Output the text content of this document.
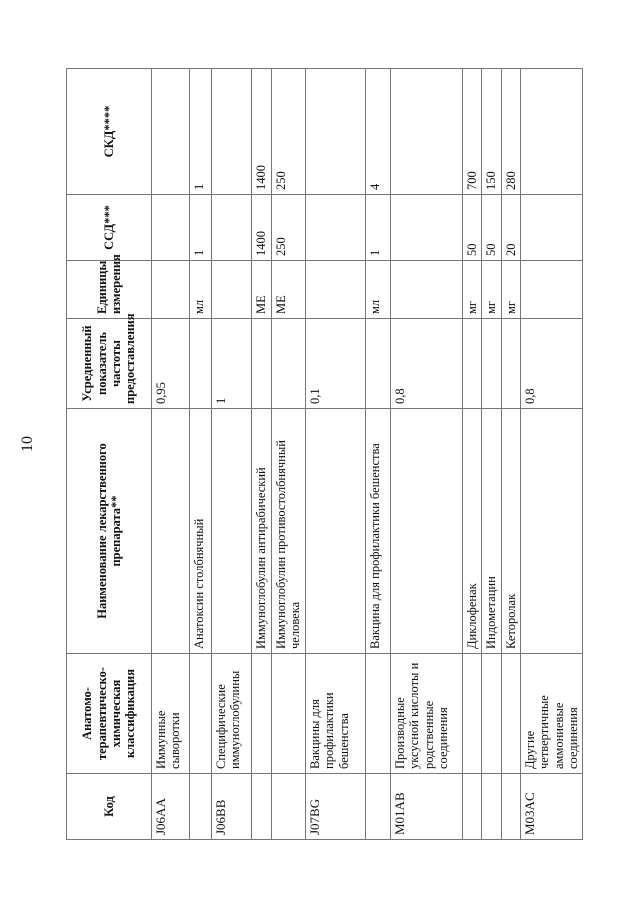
10
Код	Анатомо-терапевтическо-химическая классификация	Наименование лекарственного препарата**	Усредненный показатель частоты предоставления	Единицы измерения	ССД***	СКД****
J06AA	Иммунные сыворотки		0,95			
		Анатоксин столбнячный		мл	1	1
J06BB	Специфические иммуноглобулины		1			
		Иммуноглобулин антирабический		МЕ	1400	1400
		Иммуноглобулин противостолбнячный человека		МЕ	250	250
J07BG	Вакцины для профилактики бешенства		0,1			
		Вакцина для профилактики бешенства		мл	1	4
M01AB	Производные уксусной кислоты и родственные соединения		0,8			
		Диклофенак		мг	50	700
		Индометацин		мг	50	150
		Кеторолак		мг	20	280
M03AC	Другие четвертичные аммониевые соединения		0,8			
